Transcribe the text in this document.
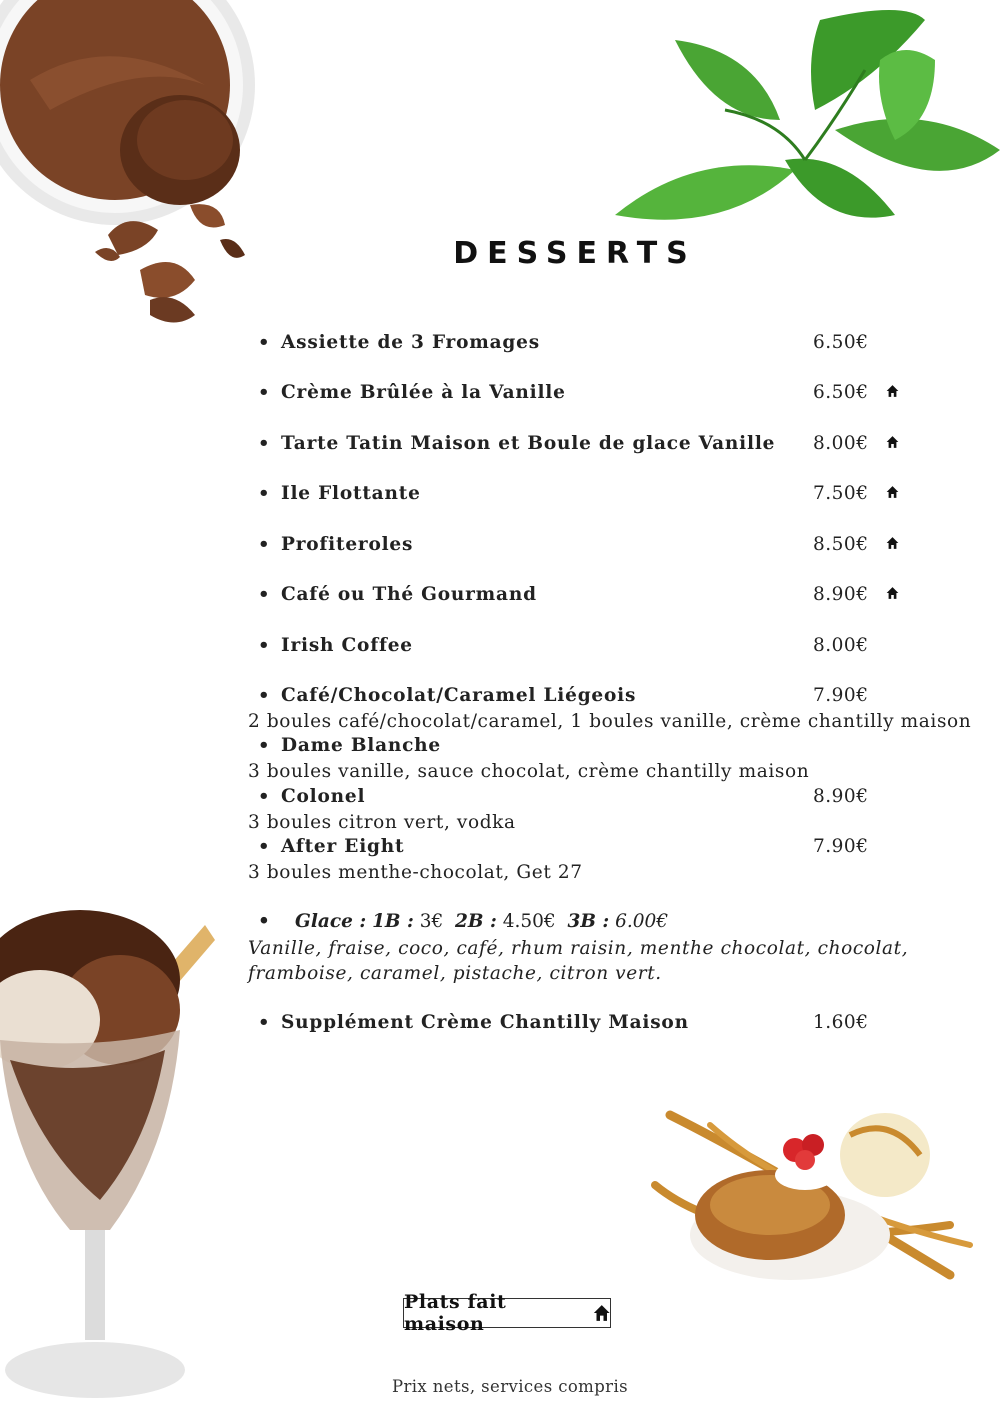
DESSERTS
• Assiette de 3 Fromages	6.50€
• Crème Brûlée à la Vanille	6.50€
• Tarte Tatin Maison et Boule de glace Vanille 8.00€
• Ile Flottante	7.50€
• Profiteroles	8.50€
• Café ou Thé Gourmand	8.90€
• Irish Coffee	8.00€
• Café/Chocolat/Caramel Liégeois	7.90€
2 boules café/chocolat/caramel, 1 boules vanille, crème chantilly maison
• Dame Blanche
3 boules vanille, sauce chocolat, crème chantilly maison
• Colonel	8.90€
3 boules citron vert, vodka
• After Eight	7.90€
3 boules menthe-chocolat, Get 27
•    Glace : 1B : 3€ 2B : 4.50€ 3B : 6.00€
Vanille, fraise, coco, café, rhum raisin, menthe chocolat, chocolat, framboise, caramel, pistache, citron vert.
• Supplément Crème Chantilly Maison	1.60€
Plats fait maison
Prix nets, services compris
